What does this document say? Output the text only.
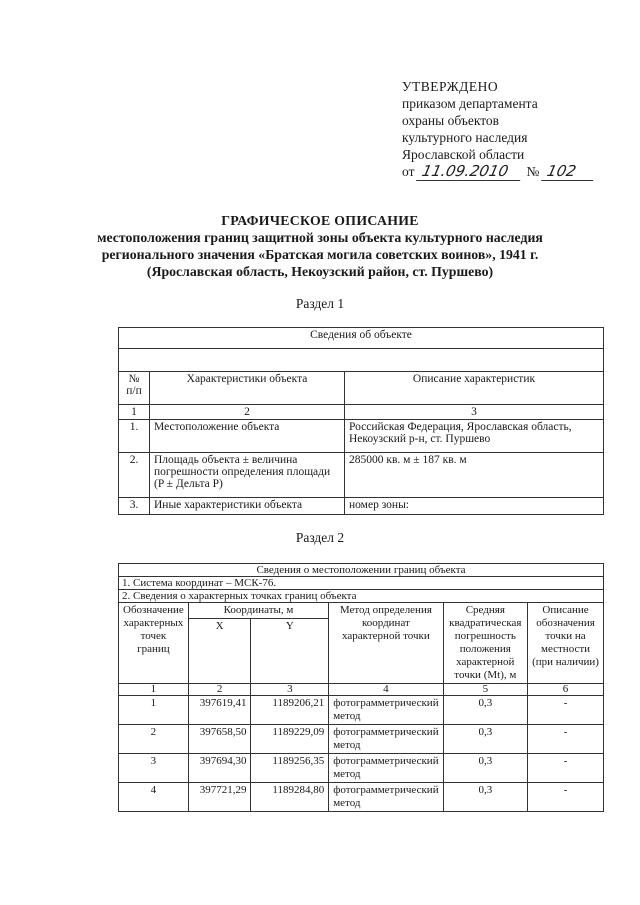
УТВЕРЖДЕНО
приказом департамента
охраны объектов
культурного наследия
Ярославской области
от 11.09.2010	№ 102
ГРАФИЧЕСКОЕ ОПИСАНИЕ
местоположения границ защитной зоны объекта культурного наследия
регионального значения «Братская могила советских воинов», 1941 г.
(Ярославская область, Некоузский район, ст. Пуршево)
Раздел 1
Сведения об объекте		

№ п/п	Характеристики объекта	Описание характеристик
1	2	3
1.	Местоположение объекта	Российская Федерация, Ярославская область, Некоузский р-н, ст. Пуршево
2.	Площадь объекта ± величина погрешности определения площади (P ± Дельта P)	285000 кв. м ± 187 кв. м
3.	Иные характеристики объекта	номер зоны:
Раздел 2
Сведения о местоположении границ объекта					
1. Система координат – МСК-76.					
2. Сведения о характерных точках границ объекта					
Обозначение характерных точек границ	Координаты, м		Метод определения координат характерной точки	Средняя квадратическая погрешность положения характерной точки (Mt), м	Описание обозначения точки на местности (при наличии)
	X	Y			
1	2	3	4	5	6
1	397619,41	1189206,21	фотограмметрический метод	0,3	-
2	397658,50	1189229,09	фотограмметрический метод	0,3	-
3	397694,30	1189256,35	фотограмметрический метод	0,3	-
4	397721,29	1189284,80	фотограмметрический метод	0,3	-
